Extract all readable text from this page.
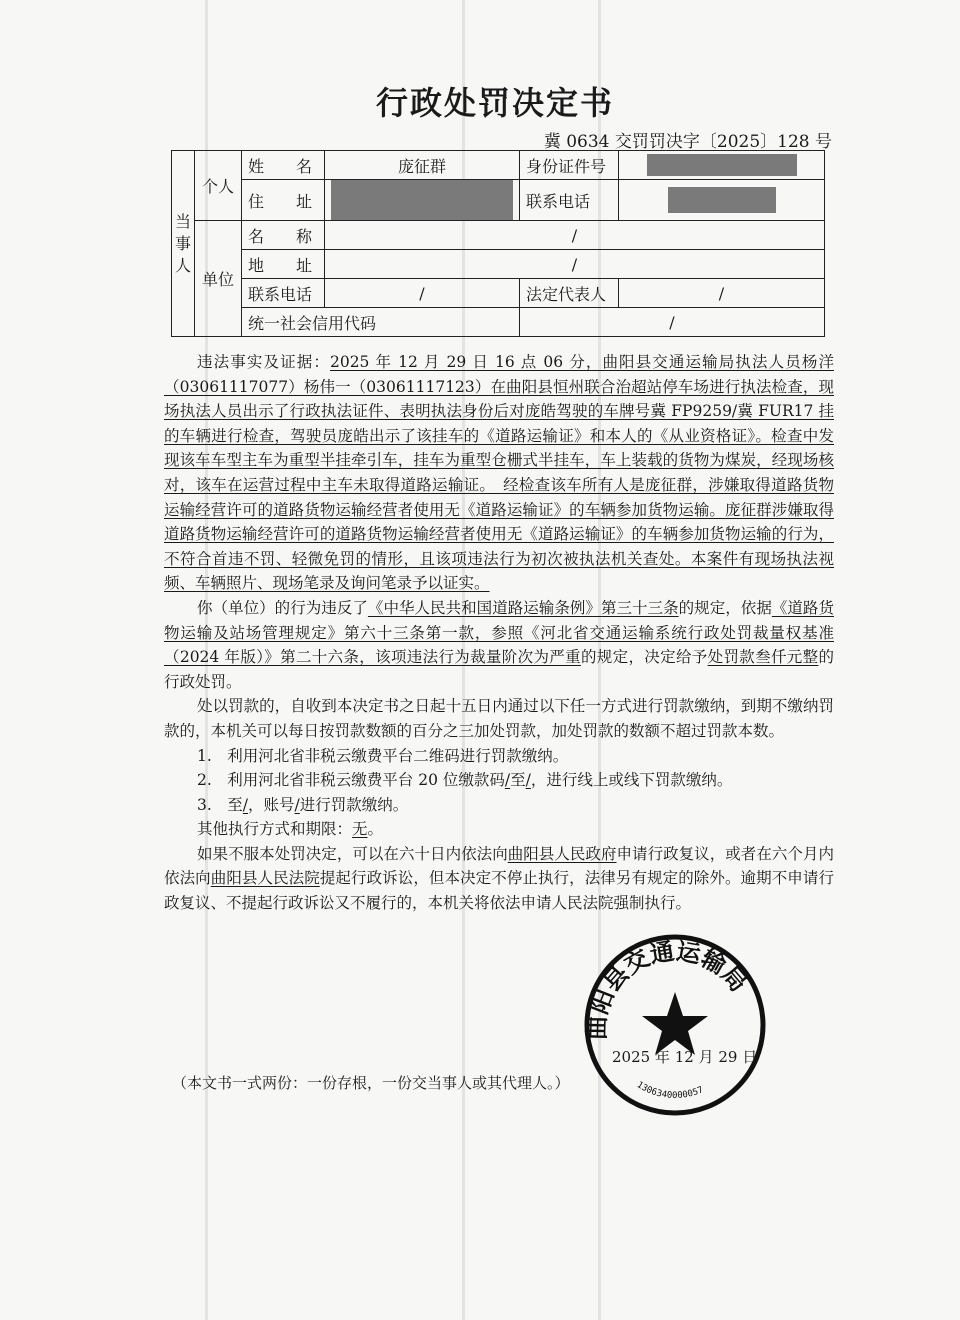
行政处罚决定书
冀 0634 交罚罚决字〔2025〕128 号
当事人	个人	姓　　名	庞征群	身份证件号	
		住　　址		联系电话	
	单位	名　　称	/		
		地　　址	/		
		联系电话	/	法定代表人	/
		统一社会信用代码		/	

违法事实及证据：2025 年 12 月 29 日 16 点 06 分，曲阳县交通运输局执法人员杨洋（03061117077）杨伟一（03061117123）在曲阳县恒州联合治超站停车场进行执法检查，现场执法人员出示了行政执法证件、表明执法身份后对庞皓驾驶的车牌号冀 FP9259/冀 FUR17 挂的车辆进行检查，驾驶员庞皓出示了该挂车的《道路运输证》和本人的《从业资格证》。检查中发现该车车型主车为重型半挂牵引车，挂车为重型仓栅式半挂车，车上装载的货物为煤炭，经现场核对，该车在运营过程中主车未取得道路运输证。　经检查该车所有人是庞征群，涉嫌取得道路货物运输经营许可的道路货物运输经营者使用无《道路运输证》的车辆参加货物运输。庞征群涉嫌取得道路货物运输经营许可的道路货物运输经营者使用无《道路运输证》的车辆参加货物运输的行为，不符合首违不罚、轻微免罚的情形，且该项违法行为初次被执法机关查处。本案件有现场执法视频、车辆照片、现场笔录及询问笔录予以证实。

你（单位）的行为违反了《中华人民共和国道路运输条例》第三十三条的规定，依据《道路货物运输及站场管理规定》第六十三条第一款，参照《河北省交通运输系统行政处罚裁量权基准（2024 年版）》第二十六条，该项违法行为裁量阶次为严重的规定，决定给予处罚款叁仟元整的行政处罚。

处以罚款的，自收到本决定书之日起十五日内通过以下任一方式进行罚款缴纳，到期不缴纳罚款的，本机关可以每日按罚款数额的百分之三加处罚款，加处罚款的数额不超过罚款本数。

1.　利用河北省非税云缴费平台二维码进行罚款缴纳。

2.　利用河北省非税云缴费平台 20 位缴款码/至/，进行线上或线下罚款缴纳。

3.　至/，账号/进行罚款缴纳。

其他执行方式和期限：无。

如果不服本处罚决定，可以在六十日内依法向曲阳县人民政府申请行政复议，或者在六个月内依法向曲阳县人民法院提起行政诉讼，但本决定不停止执行，法律另有规定的除外。逾期不申请行政复议、不提起行政诉讼又不履行的，本机关将依法申请人民法院强制执行。

曲阳县交通运输局
1306340000057
2025 年 12 月 29 日
（本文书一式两份：一份存根，一份交当事人或其代理人。）
